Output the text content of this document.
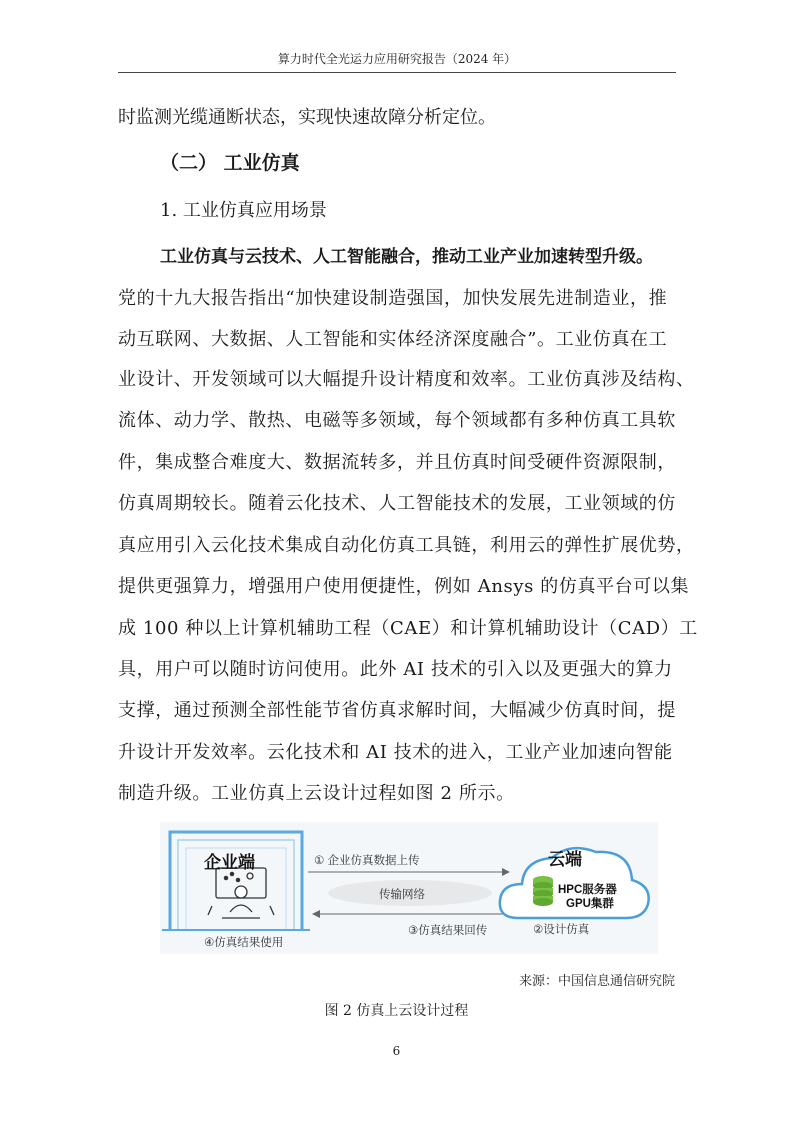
算力时代全光运力应用研究报告（2024 年）
时监测光缆通断状态，实现快速故障分析定位。
（二） 工业仿真
1. 工业仿真应用场景
工业仿真与云技术、人工智能融合，推动工业产业加速转型升级。
党的十九大报告指出“加快建设制造强国，加快发展先进制造业，推
动互联网、大数据、人工智能和实体经济深度融合”。工业仿真在工
业设计、开发领域可以大幅提升设计精度和效率。工业仿真涉及结构、
流体、动力学、散热、电磁等多领域，每个领域都有多种仿真工具软
件，集成整合难度大、数据流转多，并且仿真时间受硬件资源限制，
仿真周期较长。随着云化技术、人工智能技术的发展，工业领域的仿
真应用引入云化技术集成自动化仿真工具链，利用云的弹性扩展优势，
提供更强算力，增强用户使用便捷性，例如 Ansys 的仿真平台可以集
成 100 种以上计算机辅助工程（CAE）和计算机辅助设计（CAD）工
具，用户可以随时访问使用。此外 AI 技术的引入以及更强大的算力
支撑，通过预测全部性能节省仿真求解时间，大幅减少仿真时间，提
升设计开发效率。云化技术和 AI 技术的进入，工业产业加速向智能
制造升级。工业仿真上云设计过程如图 2 所示。
企业端	云端
① 企业仿真数据上传
传输网络	HPC服务器
GPU集群
②设计仿真
③仿真结果回传
④仿真结果使用
来源：中国信息通信研究院
图 2 仿真上云设计过程
6
